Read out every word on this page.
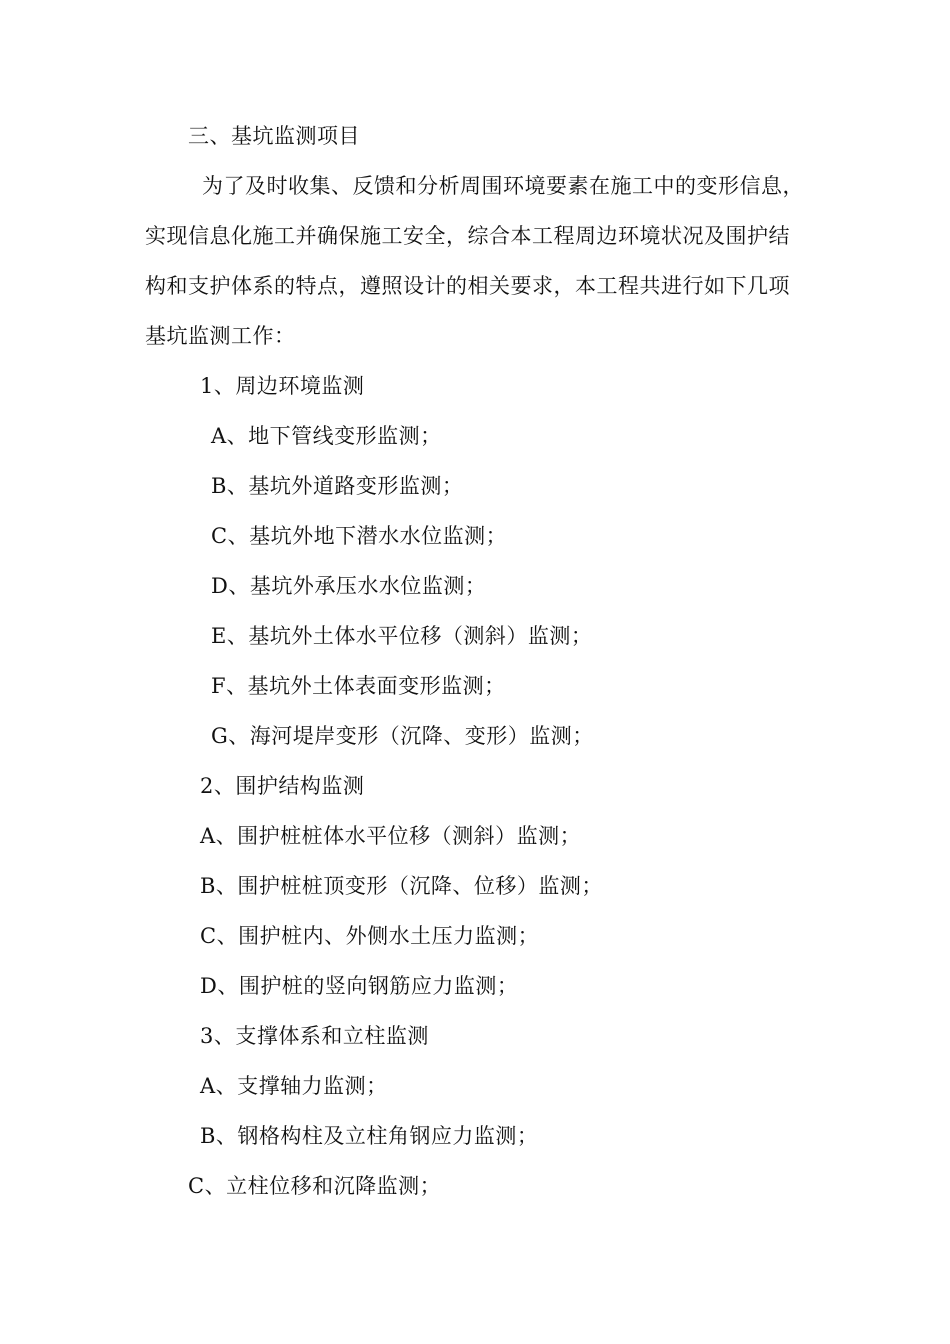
三、基坑监测项目
为了及时收集、反馈和分析周围环境要素在施工中的变形信息，
实现信息化施工并确保施工安全，综合本工程周边环境状况及围护结
构和支护体系的特点，遵照设计的相关要求，本工程共进行如下几项
基坑监测工作：
1、周边环境监测
A、地下管线变形监测；
B、基坑外道路变形监测；
C、基坑外地下潜水水位监测；
D、基坑外承压水水位监测；
E、基坑外土体水平位移（测斜）监测；
F、基坑外土体表面变形监测；
G、海河堤岸变形（沉降、变形）监测；
2、围护结构监测
A、围护桩桩体水平位移（测斜）监测；
B、围护桩桩顶变形（沉降、位移）监测；
C、围护桩内、外侧水土压力监测；
D、围护桩的竖向钢筋应力监测；
3、支撑体系和立柱监测
A、支撑轴力监测；
B、钢格构柱及立柱角钢应力监测；
C、立柱位移和沉降监测；
